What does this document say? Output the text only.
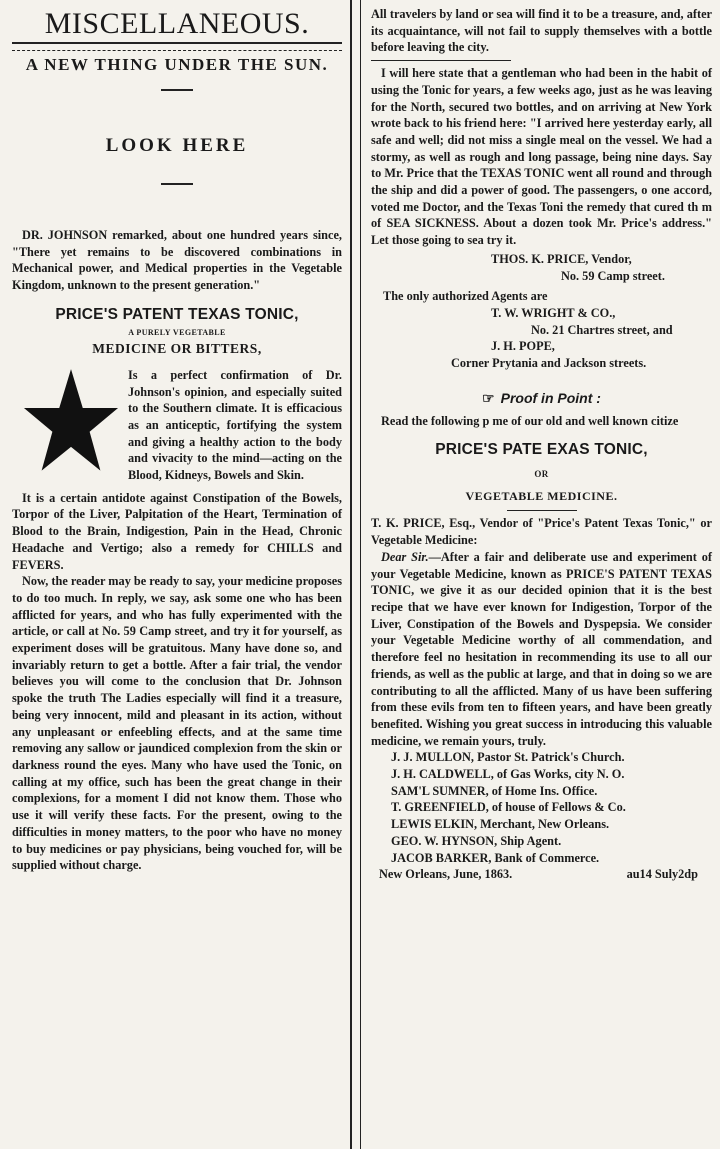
MISCELLANEOUS.
A NEW THING UNDER THE SUN.
LOOK HERE

DR. JOHNSON remarked, about one hundred years since, "There yet remains to be discovered combinations in Mechanical power, and Medical properties in the Vegetable Kingdom, unknown to the present generation."

PRICE'S PATENT TEXAS TONIC,
A PURELY VEGETABLE
MEDICINE OR BITTERS,

Is a perfect confirmation of Dr. Johnson's opinion, and especially suited to the Southern climate. It is efficacious as an anticeptic, fortifying the system and giving a healthy action to the body and vivacity to the mind—acting on the Blood, Kidneys, Bowels and Skin.

It is a certain antidote against Constipation of the Bowels, Torpor of the Liver, Palpitation of the Heart, Termination of Blood to the Brain, Indigestion, Pain in the Head, Chronic Headache and Vertigo; also a remedy for CHILLS and FEVERS.

Now, the reader may be ready to say, your medicine proposes to do too much. In reply, we say, ask some one who has been afflicted for years, and who has fully experimented with the article, or call at No. 59 Camp street, and try it for yourself, as experiment doses will be gratuitous. Many have done so, and invariably return to get a bottle. After a fair trial, the vendor believes you will come to the conclusion that Dr. Johnson spoke the truth The Ladies especially will find it a treasure, being very innocent, mild and pleasant in its action, without any unpleasant or enfeebling effects, and at the same time removing any sallow or jaundiced complexion from the skin or darkness round the eyes. Many who have used the Tonic, on calling at my office, such has been the great change in their complexions, for a moment I did not know them. Those who use it will verify these facts. For the present, owing to the difficulties in money matters, to the poor who have no money to buy medicines or pay physicians, being vouched for, will be supplied without charge.

All travelers by land or sea will find it to be a treasure, and, after its acquaintance, will not fail to supply themselves with a bottle before leaving the city.

I will here state that a gentleman who had been in the habit of using the Tonic for years, a few weeks ago, just as he was leaving for the North, secured two bottles, and on arriving at New York wrote back to his friend here: "I arrived here yesterday early, all safe and well; did not miss a single meal on the vessel. We had a stormy, as well as rough and long passage, being nine days. Say to Mr. Price that the TEXAS TONIC went all round and through the ship and did a power of good. The passengers, o one accord, voted me Doctor, and the Texas Toni the remedy that cured th m of SEA SICKNESS. About a dozen took Mr. Price's address." Let those going to sea try it.

THOS. K. PRICE, Vendor,

No. 59 Camp street.

The only authorized Agents are

T. W. WRIGHT & CO.,

No. 21 Chartres street, and

J. H. POPE,

Corner Prytania and Jackson streets.

☞ Proof in Point :

Read the following p me of our old and well known citize

PRICE'S PATE EXAS TONIC,
OR
VEGETABLE MEDICINE.

T. K. PRICE, Esq., Vendor of "Price's Patent Texas Tonic," or Vegetable Medicine:

Dear Sir.—After a fair and deliberate use and experiment of your Vegetable Medicine, known as PRICE'S PATENT TEXAS TONIC, we give it as our decided opinion that it is the best recipe that we have ever known for Indigestion, Torpor of the Liver, Constipation of the Bowels and Dyspepsia. We consider your Vegetable Medicine worthy of all commendation, and therefore feel no hesitation in recommending its use to all our friends, as well as the public at large, and that in doing so we are contributing to all the afflicted. Many of us have been suffering from these evils from ten to fifteen years, and have been greatly benefited. Wishing you great success in introducing this valuable medicine, we remain yours, truly.

J. J. MULLON, Pastor St. Patrick's Church.

J. H. CALDWELL, of Gas Works, city N. O.

SAM'L SUMNER, of Home Ins. Office.

T. GREENFIELD, of house of Fellows & Co.

LEWIS ELKIN, Merchant, New Orleans.

GEO. W. HYNSON, Ship Agent.

JACOB BARKER, Bank of Commerce.

New Orleans, June, 1863.	au14 Suly2dp
